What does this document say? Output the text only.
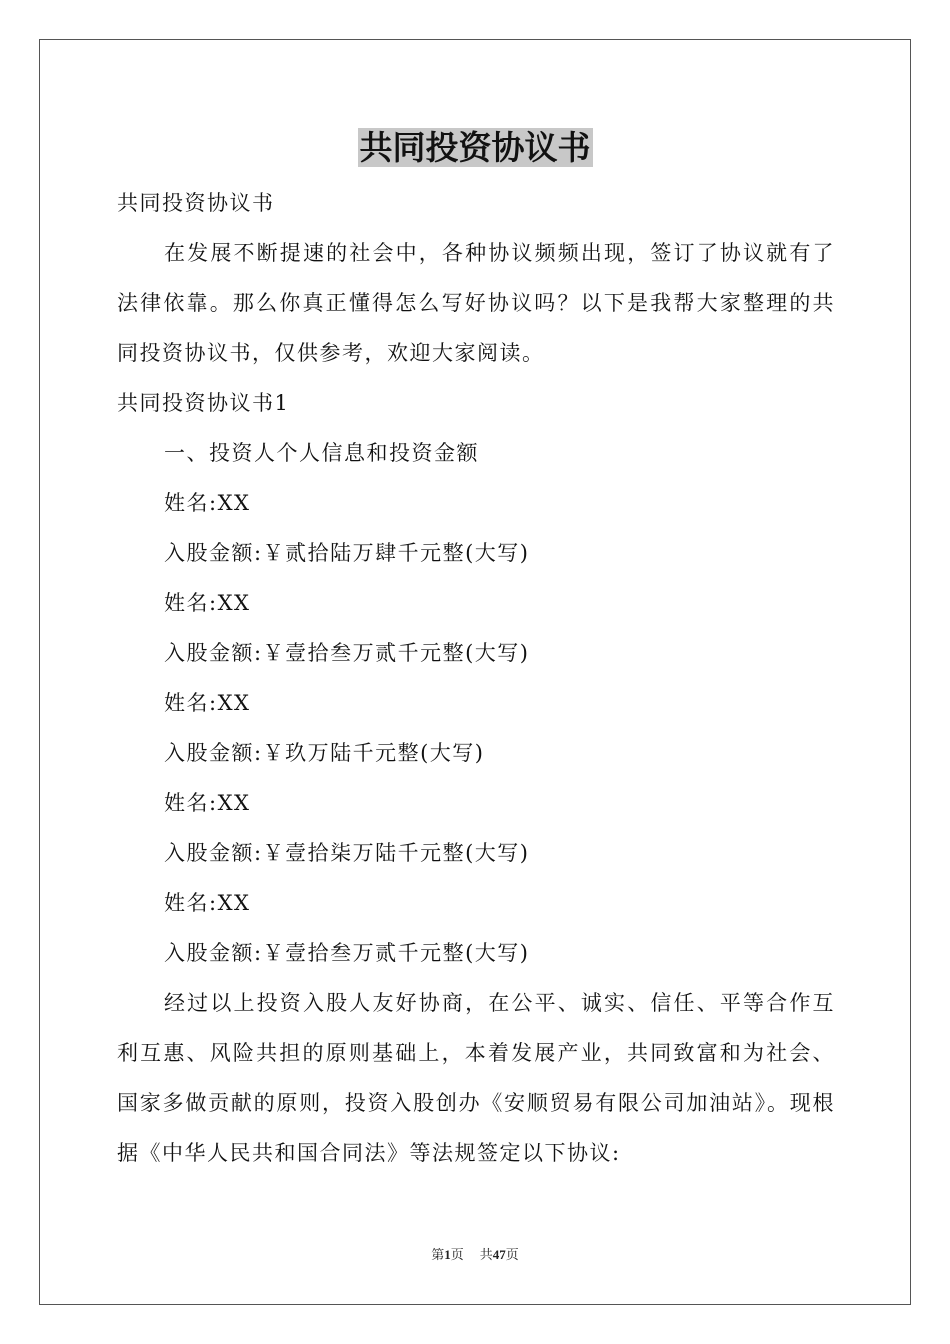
共同投资协议书

共同投资协议书

在发展不断提速的社会中，各种协议频频出现，签订了协议就有了法律依靠。那么你真正懂得怎么写好协议吗？以下是我帮大家整理的共同投资协议书，仅供参考，欢迎大家阅读。

共同投资协议书1

一、投资人个人信息和投资金额

姓名:XX

入股金额:￥贰拾陆万肆千元整(大写)

姓名:XX

入股金额:￥壹拾叁万贰千元整(大写)

姓名:XX

入股金额:￥玖万陆千元整(大写)

姓名:XX

入股金额:￥壹拾柒万陆千元整(大写)

姓名:XX

入股金额:￥壹拾叁万贰千元整(大写)

经过以上投资入股人友好协商，在公平、诚实、信任、平等合作互利互惠、风险共担的原则基础上，本着发展产业，共同致富和为社会、国家多做贡献的原则，投资入股创办《安顺贸易有限公司加油站》。现根据《中华人民共和国合同法》等法规签定以下协议:

第1页 共47页
